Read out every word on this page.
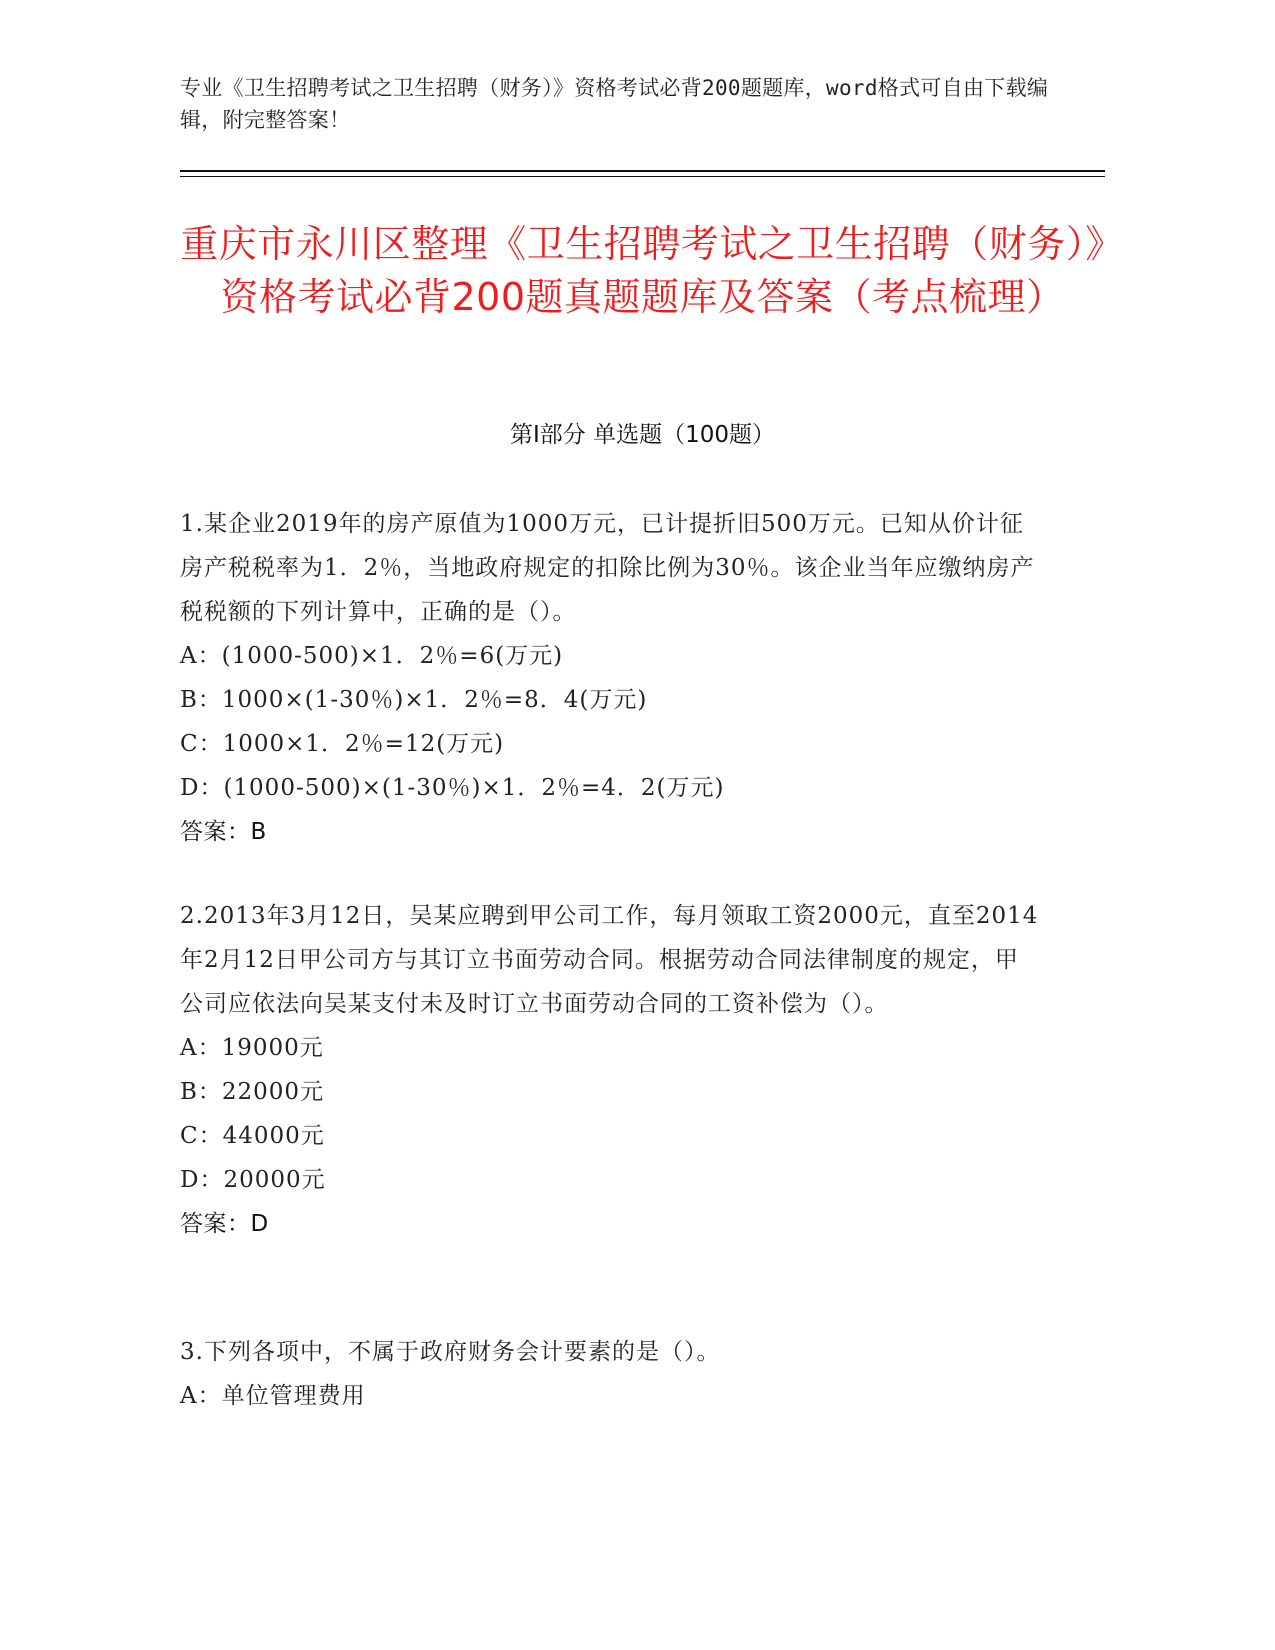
专业《卫生招聘考试之卫生招聘（财务）》资格考试必背200题题库，word格式可自由下载编辑，附完整答案！
重庆市永川区整理《卫生招聘考试之卫生招聘（财务）》资格考试必背200题真题题库及答案（考点梳理）
第Ⅰ部分 单选题（100题）
1.某企业2019年的房产原值为1000万元，已计提折旧500万元。已知从价计征房产税税率为1．2％，当地政府规定的扣除比例为30％。该企业当年应缴纳房产税税额的下列计算中，正确的是（）。
A：(1000-500)×1．2％=6(万元)
B：1000×(1-30％)×1．2％=8．4(万元)
C：1000×1．2％=12(万元)
D：(1000-500)×(1-30％)×1．2％=4．2(万元)
答案：B
2.2013年3月12日，吴某应聘到甲公司工作，每月领取工资2000元，直至2014年2月12日甲公司方与其订立书面劳动合同。根据劳动合同法律制度的规定，甲公司应依法向吴某支付未及时订立书面劳动合同的工资补偿为（）。
A：19000元
B：22000元
C：44000元
D：20000元
答案：D
3.下列各项中，不属于政府财务会计要素的是（）。
A：单位管理费用
